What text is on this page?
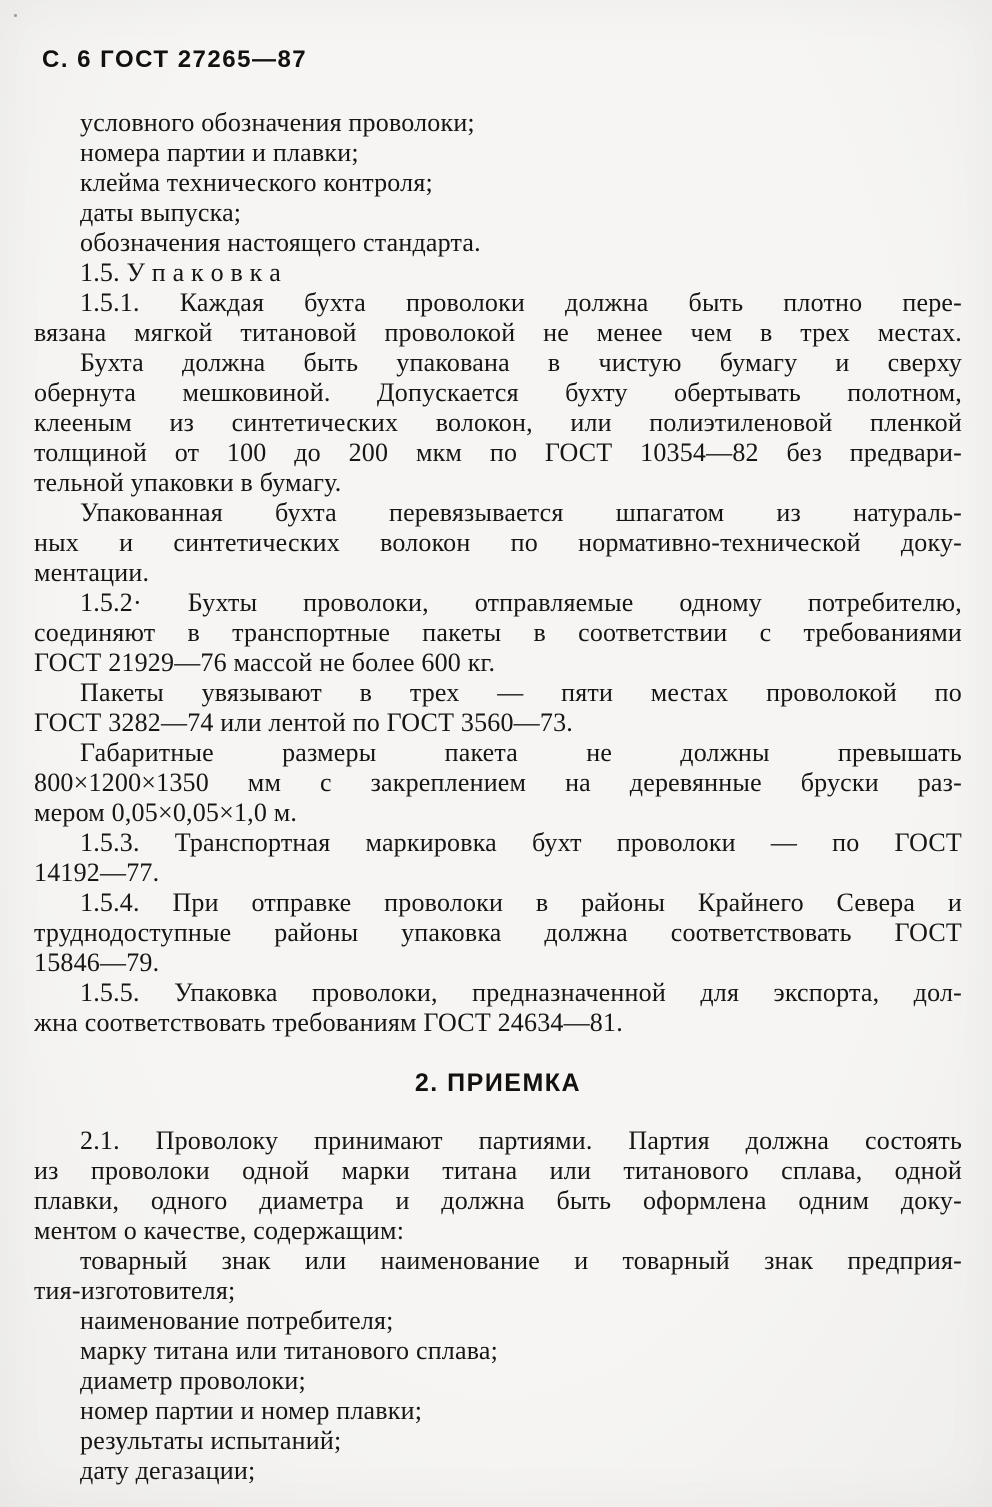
С. 6 ГОСТ 27265—87
условного обозначения проволоки;
номера партии и плавки;
клейма технического контроля;
даты выпуска;
обозначения настоящего стандарта.
1.5. У п а к о в к а
1.5.1. Каждая бухта проволоки должна быть плотно пере-
вязана мягкой титановой проволокой не менее чем в трех местах.
Бухта должна быть упакована в чистую бумагу и сверху
обернута мешковиной. Допускается бухту обертывать полотном,
клееным из синтетических волокон, или полиэтиленовой пленкой
толщиной от 100 до 200 мкм по ГОСТ 10354—82 без предвари-
тельной упаковки в бумагу.
Упакованная бухта перевязывается шпагатом из натураль-
ных и синтетических волокон по нормативно-технической доку-
ментации.
1.5.2· Бухты проволоки, отправляемые одному потребителю,
соединяют в транспортные пакеты в соответствии с требованиями
ГОСТ 21929—76 массой не более 600 кг.
Пакеты увязывают в трех — пяти местах проволокой по
ГОСТ 3282—74 или лентой по ГОСТ 3560—73.
Габаритные размеры пакета не должны превышать
800×1200×1350 мм с закреплением на деревянные бруски раз-
мером 0,05×0,05×1,0 м.
1.5.3. Транспортная маркировка бухт проволоки — по ГОСТ
14192—77.
1.5.4. При отправке проволоки в районы Крайнего Севера и
труднодоступные районы упаковка должна соответствовать ГОСТ
15846—79.
1.5.5. Упаковка проволоки, предназначенной для экспорта, дол-
жна соответствовать требованиям ГОСТ 24634—81.
2. ПРИЕМКА
2.1. Проволоку принимают партиями. Партия должна состоять
из проволоки одной марки титана или титанового сплава, одной
плавки, одного диаметра и должна быть оформлена одним доку-
ментом о качестве, содержащим:
товарный знак или наименование и товарный знак предприя-
тия-изготовителя;
наименование потребителя;
марку титана или титанового сплава;
диаметр проволоки;
номер партии и номер плавки;
результаты испытаний;
дату дегазации;
